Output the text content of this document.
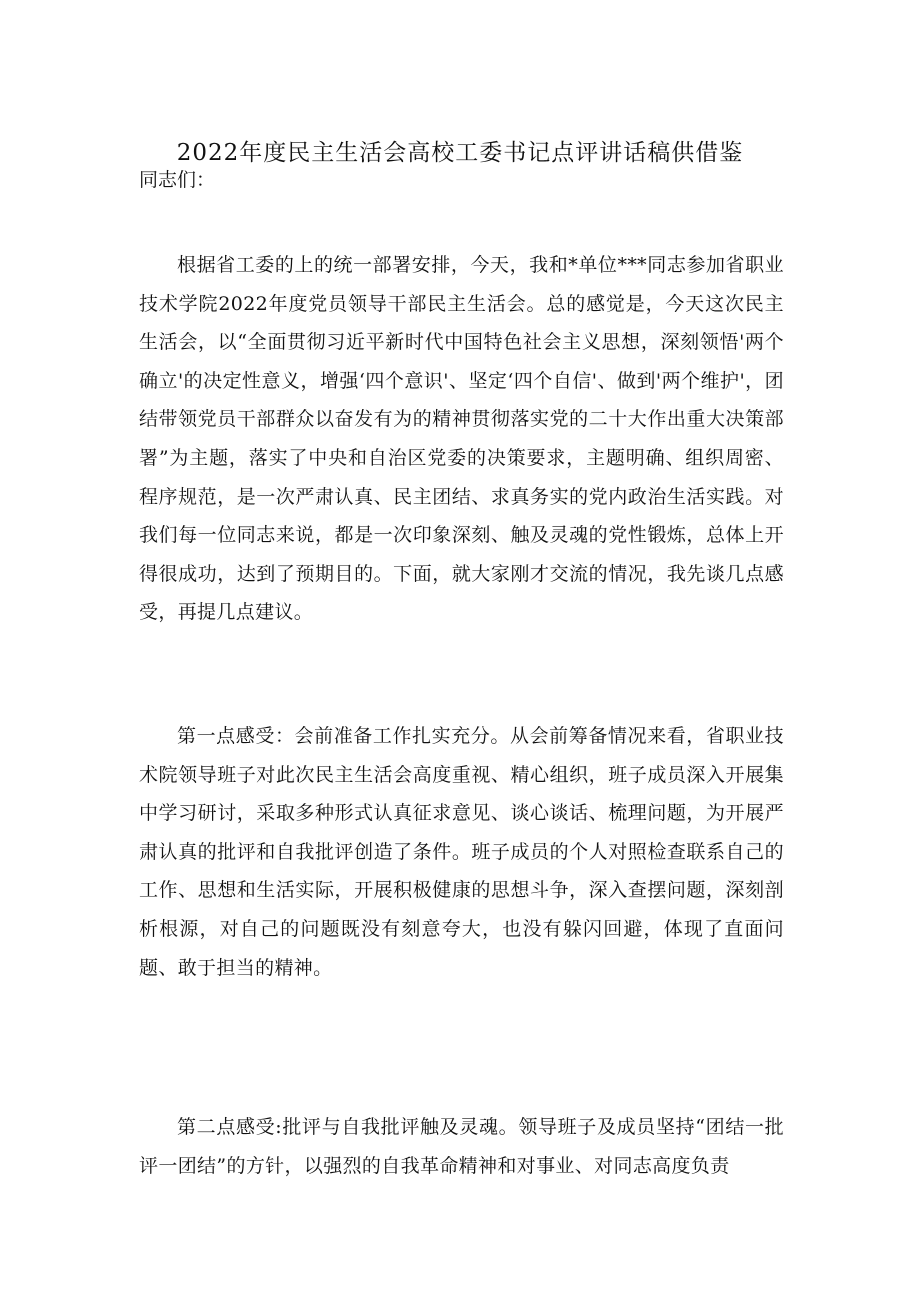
2022年度民主生活会高校工委书记点评讲话稿供借鉴
同志们：

根据省工委的上的统一部署安排，今天，我和*单位***同志参加省职业技术学院2022年度党员领导干部民主生活会。总的感觉是，今天这次民主生活会，以“全面贯彻习近平新时代中国特色社会主义思想，深刻领悟'两个确立'的决定性意义，增强‘四个意识'、坚定‘四个自信'、做到'两个维护'，团结带领党员干部群众以奋发有为的精神贯彻落实党的二十大作出重大决策部署”为主题，落实了中央和自治区党委的决策要求，主题明确、组织周密、程序规范，是一次严肃认真、民主团结、求真务实的党内政治生活实践。对我们每一位同志来说，都是一次印象深刻、触及灵魂的党性锻炼，总体上开得很成功，达到了预期目的。下面，就大家刚才交流的情况，我先谈几点感受，再提几点建议。

第一点感受：会前准备工作扎实充分。从会前筹备情况来看，省职业技术院领导班子对此次民主生活会高度重视、精心组织，班子成员深入开展集中学习研讨，采取多种形式认真征求意见、谈心谈话、梳理问题，为开展严肃认真的批评和自我批评创造了条件。班子成员的个人对照检查联系自己的工作、思想和生活实际，开展积极健康的思想斗争，深入查摆问题，深刻剖析根源，对自己的问题既没有刻意夸大，也没有躲闪回避，体现了直面问题、敢于担当的精神。

第二点感受:批评与自我批评触及灵魂。领导班子及成员坚持“团结一批评一团结”的方针，以强烈的自我革命精神和对事业、对同志高度负责
